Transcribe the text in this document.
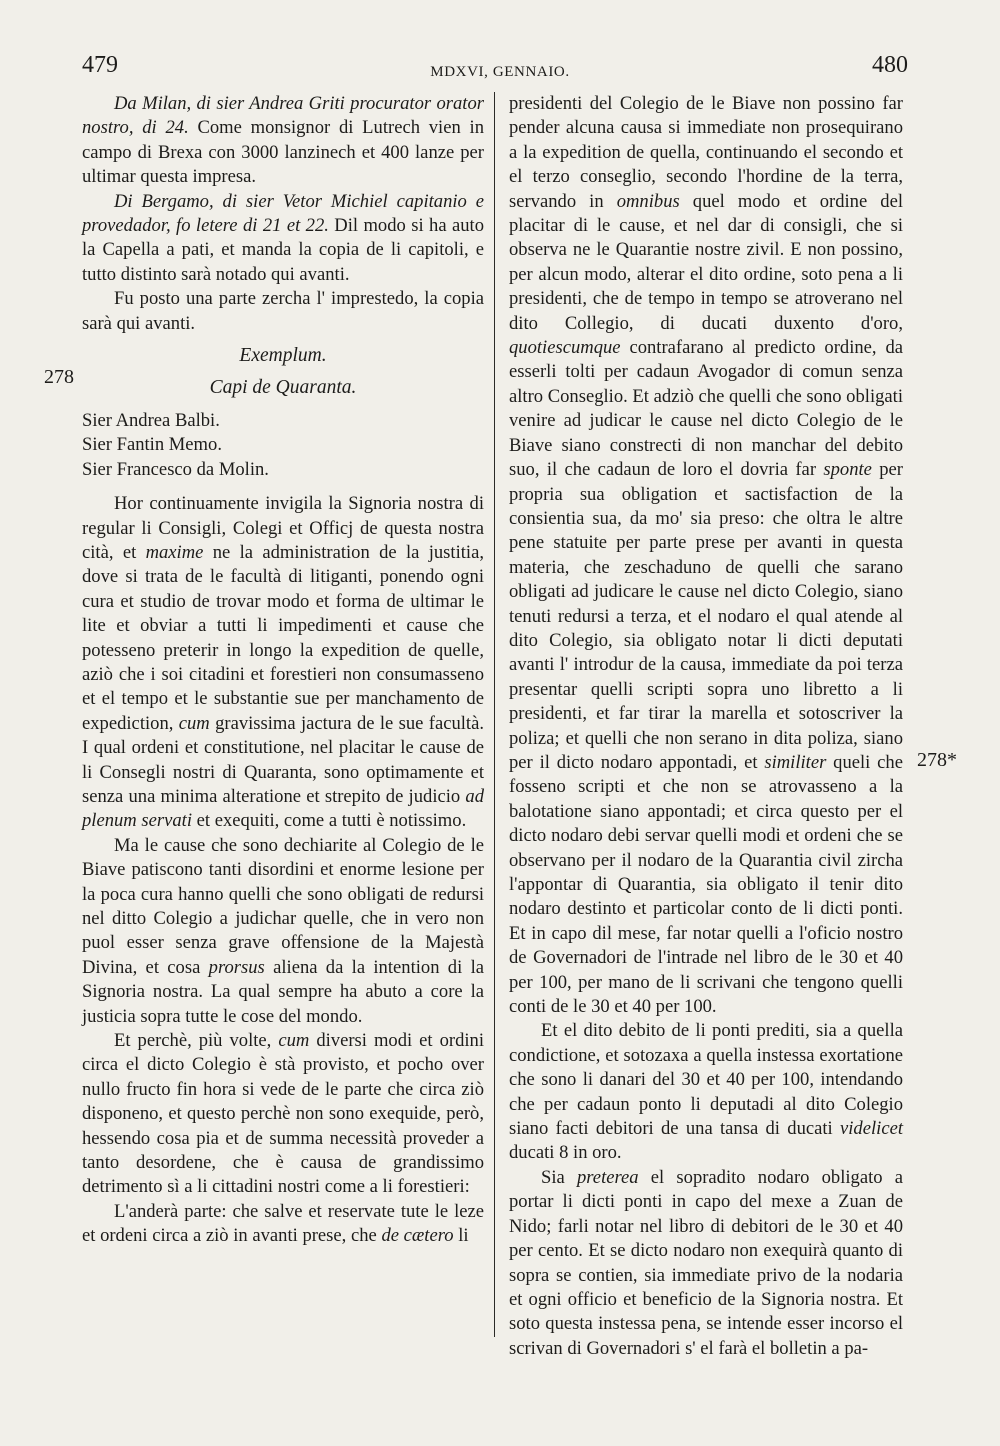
479	MDXVI, GENNAIO.	480
278
278*

Da Milan, di sier Andrea Griti procurator orator nostro, di 24. Come monsignor di Lutrech vien in campo di Brexa con 3000 lanzinech et 400 lanze per ultimar questa impresa.

Di Bergamo, di sier Vetor Michiel capitanio e provedador, fo letere di 21 et 22. Dil modo si ha auto la Capella a pati, et manda la copia de li capitoli, e tutto distinto sarà notado qui avanti.

Fu posto una parte zercha l' imprestedo, la copia sarà qui avanti.

Exemplum.

Capi de Quaranta.

Sier Andrea Balbi.

Sier Fantin Memo.

Sier Francesco da Molin.

Hor continuamente invigila la Signoria nostra di regular li Consigli, Colegi et Officj de questa nostra cità, et maxime ne la administration de la justitia, dove si trata de le facultà di litiganti, ponendo ogni cura et studio de trovar modo et forma de ultimar le lite et obviar a tutti li impedimenti et cause che potesseno preterir in longo la expedition de quelle, aziò che i soi citadini et forestieri non consumasseno et el tempo et le substantie sue per manchamento de expediction, cum gravissima jactura de le sue facultà. I qual ordeni et constitutione, nel placitar le cause de li Consegli nostri di Quaranta, sono optimamente et senza una minima alteratione et strepito de judicio ad plenum servati et exequiti, come a tutti è notissimo.

Ma le cause che sono dechiarite al Colegio de le Biave patiscono tanti disordini et enorme lesione per la poca cura hanno quelli che sono obligati de redursi nel ditto Colegio a judichar quelle, che in vero non puol esser senza grave offensione de la Majestà Divina, et cosa prorsus aliena da la intention di la Signoria nostra. La qual sempre ha abuto a core la justicia sopra tutte le cose del mondo.

Et perchè, più volte, cum diversi modi et ordini circa el dicto Colegio è stà provisto, et pocho over nullo fructo fin hora si vede de le parte che circa ziò disponeno, et questo perchè non sono exequide, però, hessendo cosa pia et de summa necessità proveder a tanto desordene, che è causa de grandissimo detrimento sì a li cittadini nostri come a li forestieri:

L'anderà parte: che salve et reservate tute le leze et ordeni circa a ziò in avanti prese, che de cætero li

presidenti del Colegio de le Biave non possino far pender alcuna causa si immediate non prosequirano a la expedition de quella, continuando el secondo et el terzo conseglio, secondo l'hordine de la terra, servando in omnibus quel modo et ordine del placitar di le cause, et nel dar di consigli, che si observa ne le Quarantie nostre zivil. E non possino, per alcun modo, alterar el dito ordine, soto pena a li presidenti, che de tempo in tempo se atroverano nel dito Collegio, di ducati duxento d'oro, quotiescumque contrafarano al predicto ordine, da esserli tolti per cadaun Avogador di comun senza altro Conseglio. Et adziò che quelli che sono obligati venire ad judicar le cause nel dicto Colegio de le Biave siano constrecti di non manchar del debito suo, il che cadaun de loro el dovria far sponte per propria sua obligation et sactisfaction de la consientia sua, da mo' sia preso: che oltra le altre pene statuite per parte prese per avanti in questa materia, che zeschaduno de quelli che sarano obligati ad judicare le cause nel dicto Colegio, siano tenuti redursi a terza, et el nodaro el qual atende al dito Colegio, sia obligato notar li dicti deputati avanti l' introdur de la causa, immediate da poi terza presentar quelli scripti sopra uno libretto a li presidenti, et far tirar la marella et sotoscriver la poliza; et quelli che non serano in dita poliza, siano per il dicto nodaro appontadi, et similiter queli che fosseno scripti et che non se atrovasseno a la balotatione siano appontadi; et circa questo per el dicto nodaro debi servar quelli modi et ordeni che se observano per il nodaro de la Quarantia civil zircha l'appontar di Quarantia, sia obligato il tenir dito nodaro destinto et particolar conto de li dicti ponti. Et in capo dil mese, far notar quelli a l'oficio nostro de Governadori de l'intrade nel libro de le 30 et 40 per 100, per mano de li scrivani che tengono quelli conti de le 30 et 40 per 100.

Et el dito debito de li ponti prediti, sia a quella condictione, et sotozaxa a quella instessa exortatione che sono li danari del 30 et 40 per 100, intendando che per cadaun ponto li deputadi al dito Colegio siano facti debitori de una tansa di ducati videlicet ducati 8 in oro.

Sia preterea el sopradito nodaro obligato a portar li dicti ponti in capo del mexe a Zuan de Nido; farli notar nel libro di debitori de le 30 et 40 per cento. Et se dicto nodaro non exequirà quanto di sopra se contien, sia immediate privo de la nodaria et ogni officio et beneficio de la Signoria nostra. Et soto questa instessa pena, se intende esser incorso el scrivan di Governadori s' el farà el bolletin a pa-
